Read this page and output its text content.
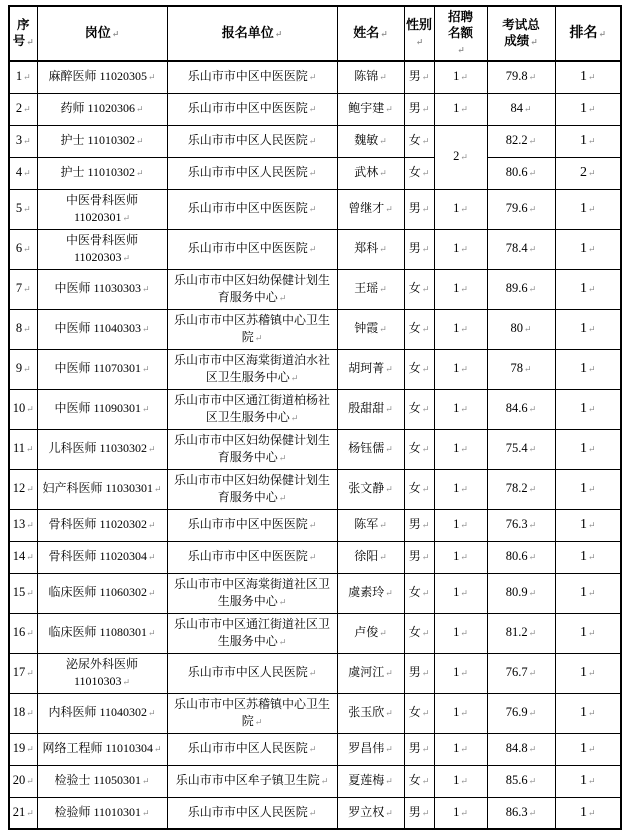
序号 ↵	岗位 ↵	报名单位 ↵	姓名 ↵	性别 ↵	招聘名额 ↵	考试总成绩 ↵	排名 ↵ ↵
1 ↵	麻醉医师 11020305 ↵	乐山市市中区中医医院 ↵	陈锦 ↵	男 ↵	1 ↵	79.8 ↵	1 ↵ ↵
2 ↵	药师 11020306 ↵	乐山市市中区中医医院 ↵	鲍宇建 ↵	男 ↵	1 ↵	84 ↵	1 ↵ ↵
3 ↵	护士 11010302 ↵	乐山市市中区人民医院 ↵	魏敏 ↵	女 ↵	2 ↵	82.2 ↵	1 ↵ ↵
4 ↵	护士 11010302 ↵	乐山市市中区人民医院 ↵	武林 ↵	女 ↵		80.6 ↵	2 ↵ ↵
5 ↵	中医骨科医师 11020301 ↵	乐山市市中区中医医院 ↵	曾继才 ↵	男 ↵	1 ↵	79.6 ↵	1 ↵ ↵
6 ↵	中医骨科医师 11020303 ↵	乐山市市中区中医医院 ↵	郑科 ↵	男 ↵	1 ↵	78.4 ↵	1 ↵ ↵
7 ↵	中医师 11030303 ↵	乐山市市中区妇幼保健计划生育服务中心 ↵	王瑶 ↵	女 ↵	1 ↵	89.6 ↵	1 ↵ ↵
8 ↵	中医师 11040303 ↵	乐山市市中区苏稽镇中心卫生院 ↵	钟霞 ↵	女 ↵	1 ↵	80 ↵	1 ↵ ↵
9 ↵	中医师 11070301 ↵	乐山市市中区海棠街道泊水社区卫生服务中心 ↵	胡珂菁 ↵	女 ↵	1 ↵	78 ↵	1 ↵ ↵
10 ↵	中医师 11090301 ↵	乐山市市中区通江街道柏杨社区卫生服务中心 ↵	殷甜甜 ↵	女 ↵	1 ↵	84.6 ↵	1 ↵ ↵
11 ↵	儿科医师 11030302 ↵	乐山市市中区妇幼保健计划生育服务中心 ↵	杨钰儒 ↵	女 ↵	1 ↵	75.4 ↵	1 ↵ ↵
12 ↵	妇产科医师 11030301 ↵	乐山市市中区妇幼保健计划生育服务中心 ↵	张文静 ↵	女 ↵	1 ↵	78.2 ↵	1 ↵ ↵
13 ↵	骨科医师 11020302 ↵	乐山市市中区中医医院 ↵	陈军 ↵	男 ↵	1 ↵	76.3 ↵	1 ↵ ↵
14 ↵	骨科医师 11020304 ↵	乐山市市中区中医医院 ↵	徐阳 ↵	男 ↵	1 ↵	80.6 ↵	1 ↵ ↵
15 ↵	临床医师 11060302 ↵	乐山市市中区海棠街道社区卫生服务中心 ↵	虞素玲 ↵	女 ↵	1 ↵	80.9 ↵	1 ↵ ↵
16 ↵	临床医师 11080301 ↵	乐山市市中区通江街道社区卫生服务中心 ↵	卢俊 ↵	女 ↵	1 ↵	81.2 ↵	1 ↵ ↵
17 ↵	泌尿外科医师 11010303 ↵	乐山市市中区人民医院 ↵	虞河江 ↵	男 ↵	1 ↵	76.7 ↵	1 ↵ ↵
18 ↵	内科医师 11040302 ↵	乐山市市中区苏稽镇中心卫生院 ↵	张玉欣 ↵	女 ↵	1 ↵	76.9 ↵	1 ↵ ↵
19 ↵	网络工程师 11010304 ↵	乐山市市中区人民医院 ↵	罗昌伟 ↵	男 ↵	1 ↵	84.8 ↵	1 ↵ ↵
20 ↵	检验士 11050301 ↵	乐山市市中区牟子镇卫生院 ↵	夏莲梅 ↵	女 ↵	1 ↵	85.6 ↵	1 ↵ ↵
21 ↵	检验师 11010301 ↵	乐山市市中区人民医院 ↵	罗立权 ↵	男 ↵	1 ↵	86.3 ↵	1 ↵ ↵
